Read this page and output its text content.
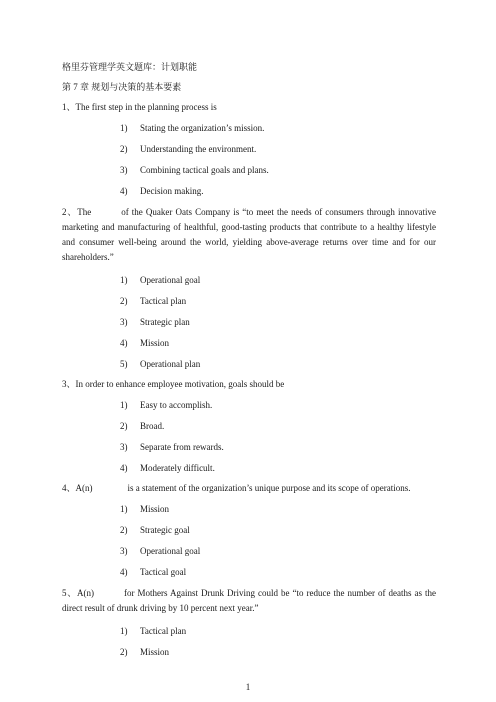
格里芬管理学英文题库：计划职能
第 7 章 规划与决策的基本要素
1、The first step in the planning process is
1)	Stating the organization’s mission.
2)	Understanding the environment.
3)	Combining tactical goals and plans.
4)	Decision making.
2、The	of the Quaker Oats Company is “to meet the needs of consumers through innovative marketing and manufacturing of healthful, good-tasting products that contribute to a healthy lifestyle and consumer well-being around the world, yielding above-average returns over time and for our shareholders.”
1)	Operational goal
2)	Tactical plan
3)	Strategic plan
4)	Mission
5)	Operational plan
3、In order to enhance employee motivation, goals should be
1)	Easy to accomplish.
2)	Broad.
3)	Separate from rewards.
4)	Moderately difficult.
4、A(n)	is a statement of the organization’s unique purpose and its scope of operations.
1)	Mission
2)	Strategic goal
3)	Operational goal
4)	Tactical goal
5、A(n)	for Mothers Against Drunk Driving could be “to reduce the number of deaths as the direct result of drunk driving by 10 percent next year.”
1)	Tactical plan
2)	Mission
1
